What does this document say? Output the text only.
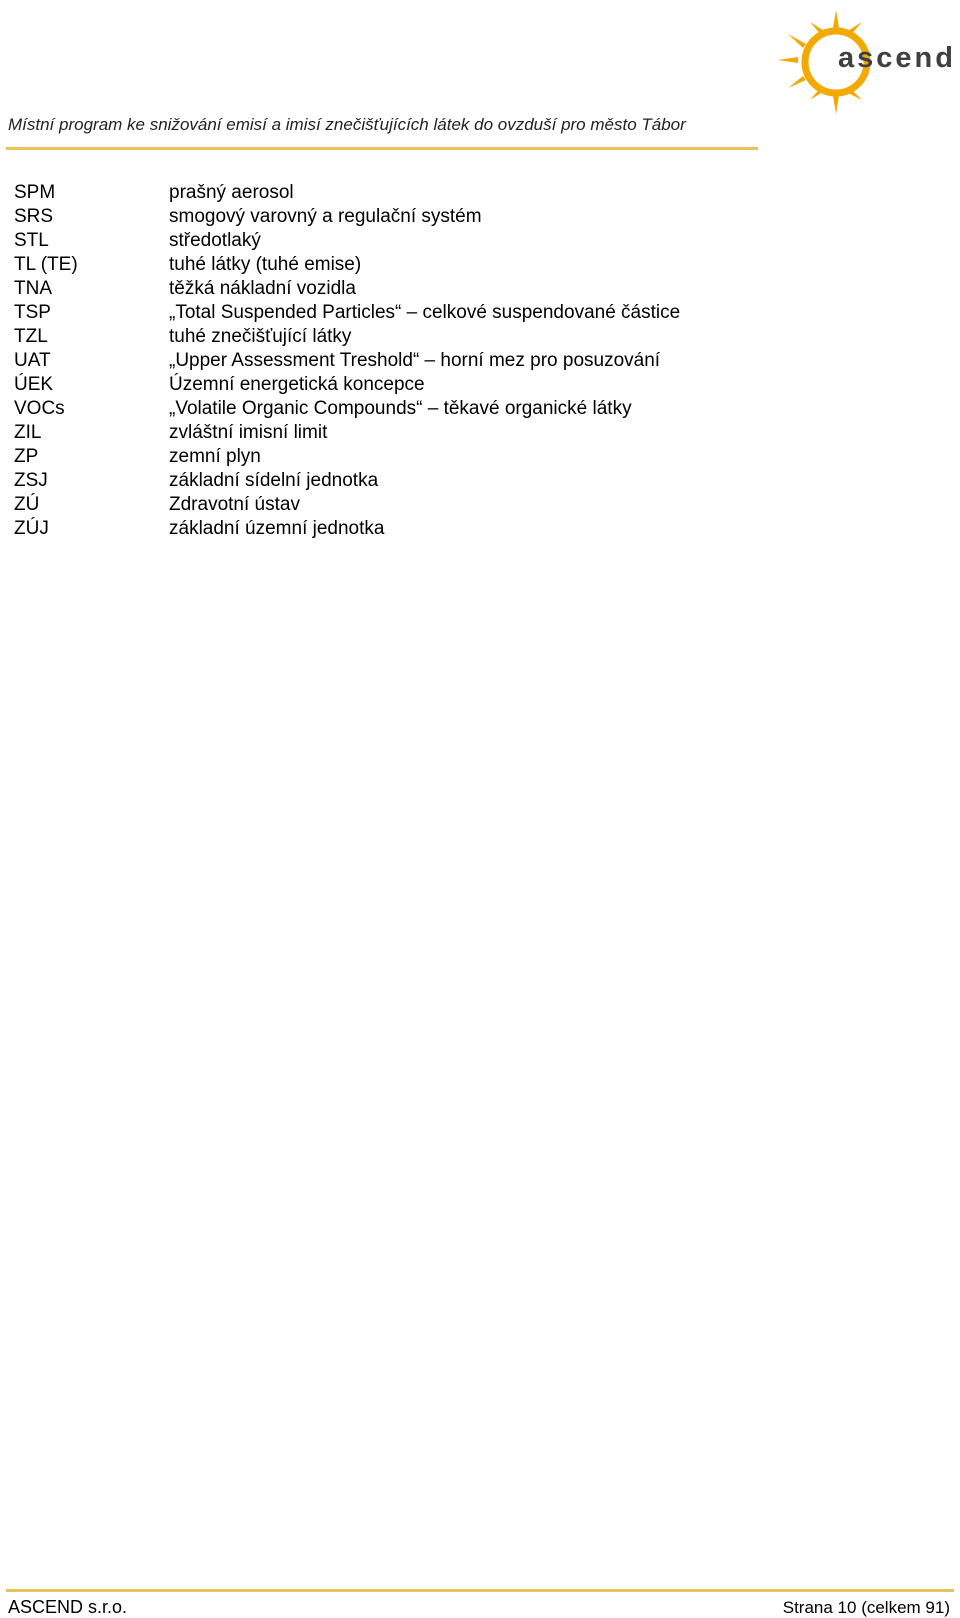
ascend
Místní program ke snižování emisí a imisí znečišťujících látek do ovzduší pro město Tábor
SPM	prašný aerosol
SRS	smogový varovný a regulační systém
STL	středotlaký
TL (TE)	tuhé látky (tuhé emise)
TNA	těžká nákladní vozidla
TSP	„Total Suspended Particles“ – celkové suspendované částice
TZL	tuhé znečišťující látky
UAT	„Upper Assessment Treshold“ – horní mez pro posuzování
ÚEK	Územní energetická koncepce
VOCs	„Volatile Organic Compounds“ – těkavé organické látky
ZIL	zvláštní imisní limit
ZP	zemní plyn
ZSJ	základní sídelní jednotka
ZÚ	Zdravotní ústav
ZÚJ	základní územní jednotka
ASCEND s.r.o.	Strana 10 (celkem 91)
